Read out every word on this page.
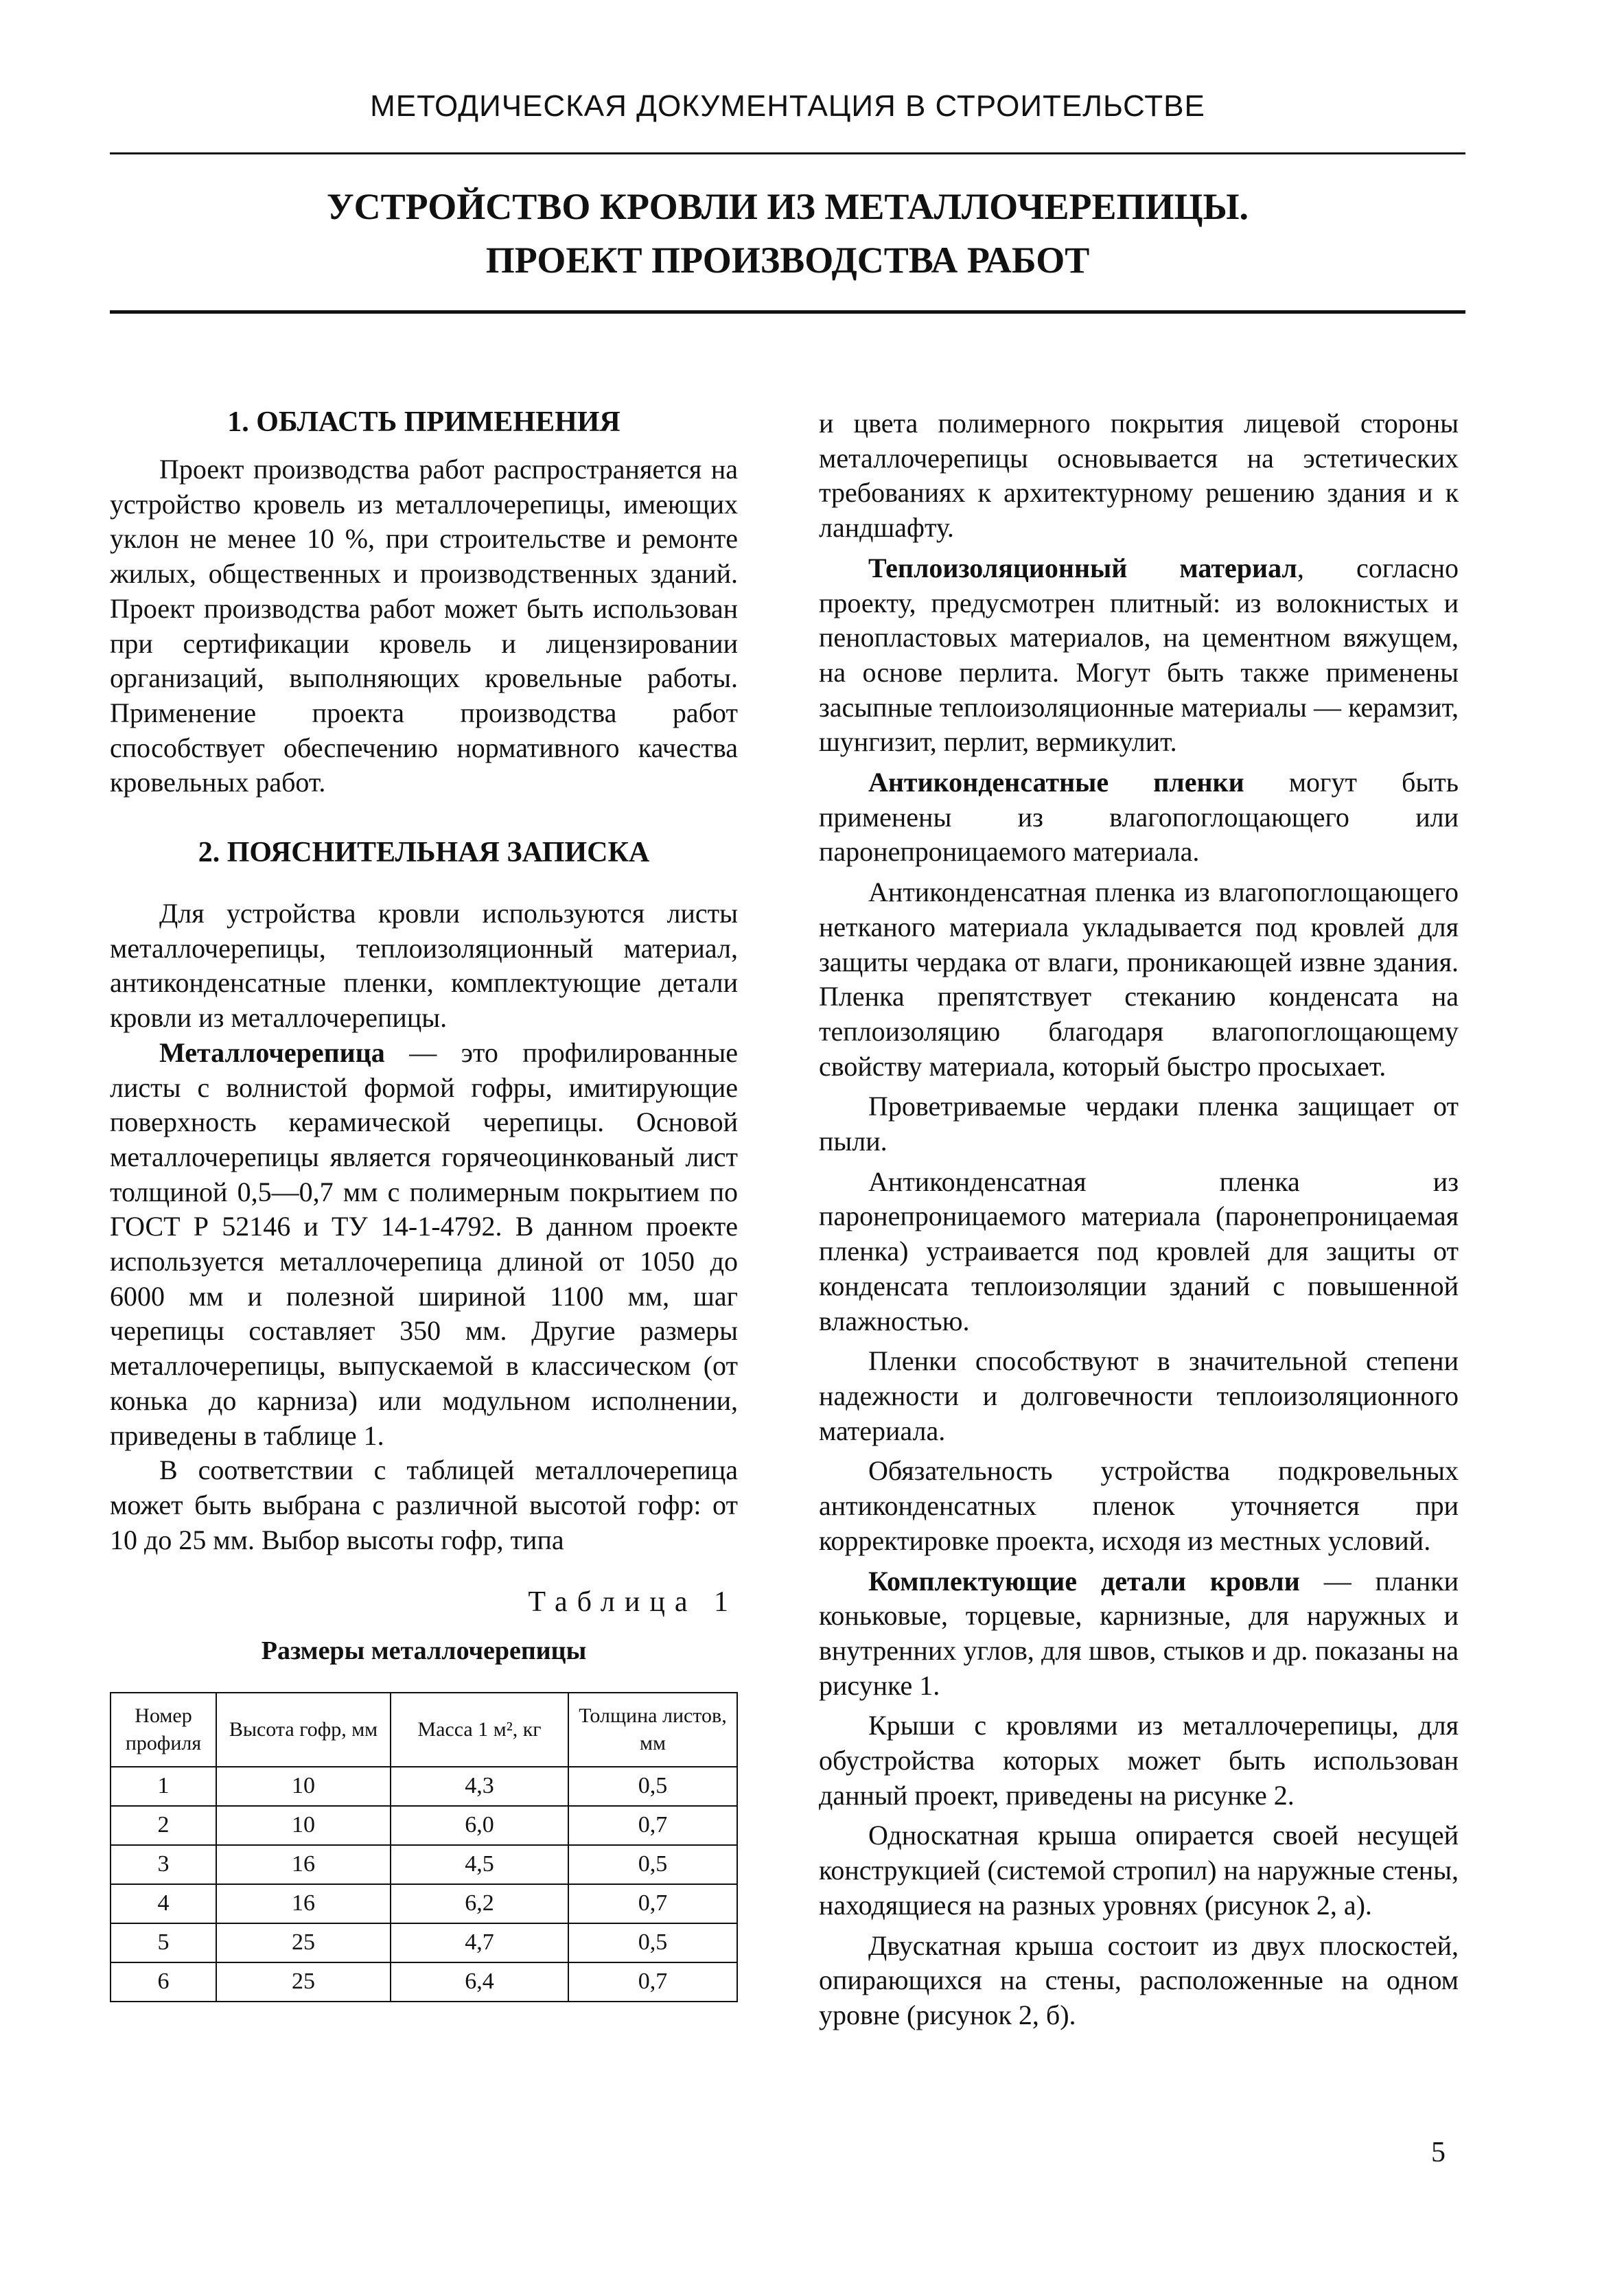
МЕТОДИЧЕСКАЯ ДОКУМЕНТАЦИЯ В СТРОИТЕЛЬСТВЕ
УСТРОЙСТВО КРОВЛИ ИЗ МЕТАЛЛОЧЕРЕПИЦЫ.
ПРОЕКТ ПРОИЗВОДСТВА РАБОТ
1. ОБЛАСТЬ ПРИМЕНЕНИЯ

Проект производства работ распространяется на устройство кровель из металлочерепицы, имеющих уклон не менее 10 %, при строительстве и ремонте жилых, общественных и производственных зданий. Проект производства работ может быть использован при сертификации кровель и лицензировании организаций, выполняющих кровельные работы. Применение проекта производства работ способствует обеспечению нормативного качества кровельных работ.

2. ПОЯСНИТЕЛЬНАЯ ЗАПИСКА

Для устройства кровли используются листы металлочерепицы, теплоизоляционный материал, антиконденсатные пленки, комплектующие детали кровли из металлочерепицы.

Металлочерепица — это профилированные листы с волнистой формой гофры, имитирующие поверхность керамической черепицы. Основой металлочерепицы является горячеоцинкованый лист толщиной 0,5—0,7 мм с полимерным покрытием по ГОСТ Р 52146 и ТУ 14-1-4792. В данном проекте используется металлочерепица длиной от 1050 до 6000 мм и полезной шириной 1100 мм, шаг черепицы составляет 350 мм. Другие размеры металлочерепицы, выпускаемой в классическом (от конька до карниза) или модульном исполнении, приведены в таблице 1.

В соответствии с таблицей металлочерепица может быть выбрана с различной высотой гофр: от 10 до 25 мм. Выбор высоты гофр, типа

Таблица 1
Размеры металлочерепицы
Номер профиля	Высота гофр, мм	Масса 1 м², кг	Толщина листов, мм
1	10	4,3	0,5
2	10	6,0	0,7
3	16	4,5	0,5
4	16	6,2	0,7
5	25	4,7	0,5
6	25	6,4	0,7

и цвета полимерного покрытия лицевой стороны металлочерепицы основывается на эстетических требованиях к архитектурному решению здания и к ландшафту.

Теплоизоляционный материал, согласно проекту, предусмотрен плитный: из волокнистых и пенопластовых материалов, на цементном вяжущем, на основе перлита. Могут быть также применены засыпные теплоизоляционные материалы — керамзит, шунгизит, перлит, вермикулит.

Антиконденсатные пленки могут быть применены из влагопоглощающего или паронепроницаемого материала.

Антиконденсатная пленка из влагопоглощающего нетканого материала укладывается под кровлей для защиты чердака от влаги, проникающей извне здания. Пленка препятствует стеканию конденсата на теплоизоляцию благодаря влагопоглощающему свойству материала, который быстро просыхает.

Проветриваемые чердаки пленка защищает от пыли.

Антиконденсатная пленка из паронепроницаемого материала (паронепроницаемая пленка) устраивается под кровлей для защиты от конденсата теплоизоляции зданий с повышенной влажностью.

Пленки способствуют в значительной степени надежности и долговечности теплоизоляционного материала.

Обязательность устройства подкровельных антиконденсатных пленок уточняется при корректировке проекта, исходя из местных условий.

Комплектующие детали кровли — планки коньковые, торцевые, карнизные, для наружных и внутренних углов, для швов, стыков и др. показаны на рисунке 1.

Крыши с кровлями из металлочерепицы, для обустройства которых может быть использован данный проект, приведены на рисунке 2.

Односкатная крыша опирается своей несущей конструкцией (системой стропил) на наружные стены, находящиеся на разных уровнях (рисунок 2, а).

Двускатная крыша состоит из двух плоскостей, опирающихся на стены, расположенные на одном уровне (рисунок 2, б).

5
